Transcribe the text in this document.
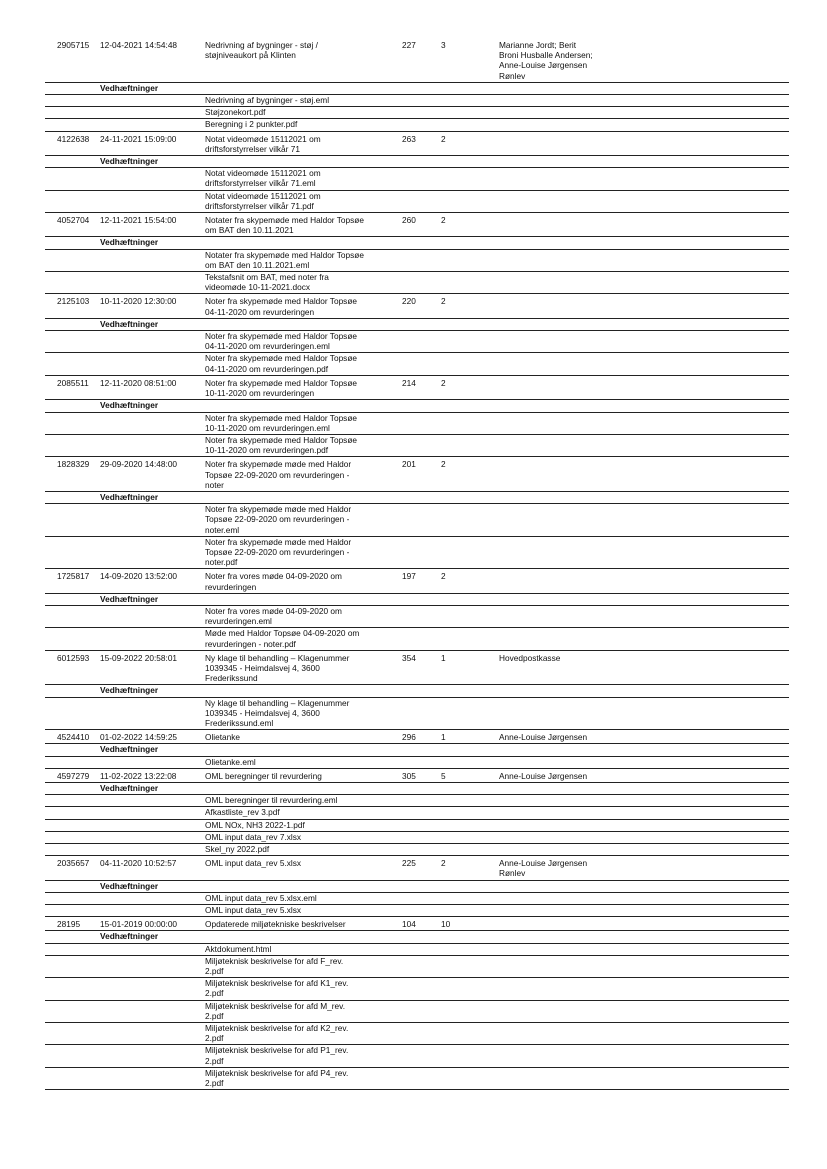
2905715	12-04-2021 14:54:48	Nedrivning af bygninger - støj /
støjniveaukort på Klinten
227	3	Marianne Jordt; Berit
Broni Husballe Andersen;
Anne-Louise Jørgensen
Rønlev
Vedhæftninger
Nedrivning af bygninger - støj.eml
Støjzonekort.pdf
Beregning i 2 punkter.pdf
4122638	24-11-2021 15:09:00	Notat videomøde 15112021 om
driftsforstyrrelser vilkår 71
263	2
Vedhæftninger
Notat videomøde 15112021 om
driftsforstyrrelser vilkår 71.eml
Notat videomøde 15112021 om
driftsforstyrrelser vilkår 71.pdf
4052704	12-11-2021 15:54:00	Notater fra skypemøde med Haldor Topsøe
om BAT den 10.11.2021
260	2
Vedhæftninger
Notater fra skypemøde med Haldor Topsøe
om BAT den 10.11.2021.eml
Tekstafsnit om BAT, med noter fra
videomøde 10-11-2021.docx
2125103	10-11-2020 12:30:00	Noter fra skypemøde med Haldor Topsøe
04-11-2020 om revurderingen
220	2
Vedhæftninger
Noter fra skypemøde med Haldor Topsøe
04-11-2020 om revurderingen.eml
Noter fra skypemøde med Haldor Topsøe
04-11-2020 om revurderingen.pdf
2085511	12-11-2020 08:51:00	Noter fra skypemøde med Haldor Topsøe
10-11-2020 om revurderingen
214	2
Vedhæftninger
Noter fra skypemøde med Haldor Topsøe
10-11-2020 om revurderingen.eml
Noter fra skypemøde med Haldor Topsøe
10-11-2020 om revurderingen.pdf
1828329	29-09-2020 14:48:00	Noter fra skypemøde møde med Haldor
Topsøe 22-09-2020 om revurderingen -
noter
201	2
Vedhæftninger
Noter fra skypemøde møde med Haldor
Topsøe 22-09-2020 om revurderingen -
noter.eml
Noter fra skypemøde møde med Haldor
Topsøe 22-09-2020 om revurderingen -
noter.pdf
1725817	14-09-2020 13:52:00	Noter fra vores møde 04-09-2020 om
revurderingen
197	2
Vedhæftninger
Noter fra vores møde 04-09-2020 om
revurderingen.eml
Møde med Haldor Topsøe 04-09-2020 om
revurderingen - noter.pdf
6012593	15-09-2022 20:58:01	Ny klage til behandling – Klagenummer
1039345 - Heimdalsvej 4, 3600
Frederikssund
354	1	Hovedpostkasse
Vedhæftninger
Ny klage til behandling – Klagenummer
1039345 - Heimdalsvej 4, 3600
Frederikssund.eml
4524410	01-02-2022 14:59:25	Olietanke	296	1	Anne-Louise Jørgensen
Vedhæftninger
Olietanke.eml
4597279	11-02-2022 13:22:08	OML beregninger til revurdering	305	5	Anne-Louise Jørgensen
Vedhæftninger
OML beregninger til revurdering.eml
Afkastliste_rev 3.pdf
OML NOx, NH3 2022-1.pdf
OML input data_rev 7.xlsx
Skel_ny 2022.pdf
2035657	04-11-2020 10:52:57	OML input data_rev 5.xlsx	225	2	Anne-Louise Jørgensen
Rønlev
Vedhæftninger
OML input data_rev 5.xlsx.eml
OML input data_rev 5.xlsx
28195	15-01-2019 00:00:00	Opdaterede miljøtekniske beskrivelser	104	10
Vedhæftninger
Aktdokument.html
Miljøteknisk beskrivelse for afd F_rev.
2.pdf
Miljøteknisk beskrivelse for afd K1_rev.
2.pdf
Miljøteknisk beskrivelse for afd M_rev.
2.pdf
Miljøteknisk beskrivelse for afd K2_rev.
2.pdf
Miljøteknisk beskrivelse for afd P1_rev.
2.pdf
Miljøteknisk beskrivelse for afd P4_rev.
2.pdf
